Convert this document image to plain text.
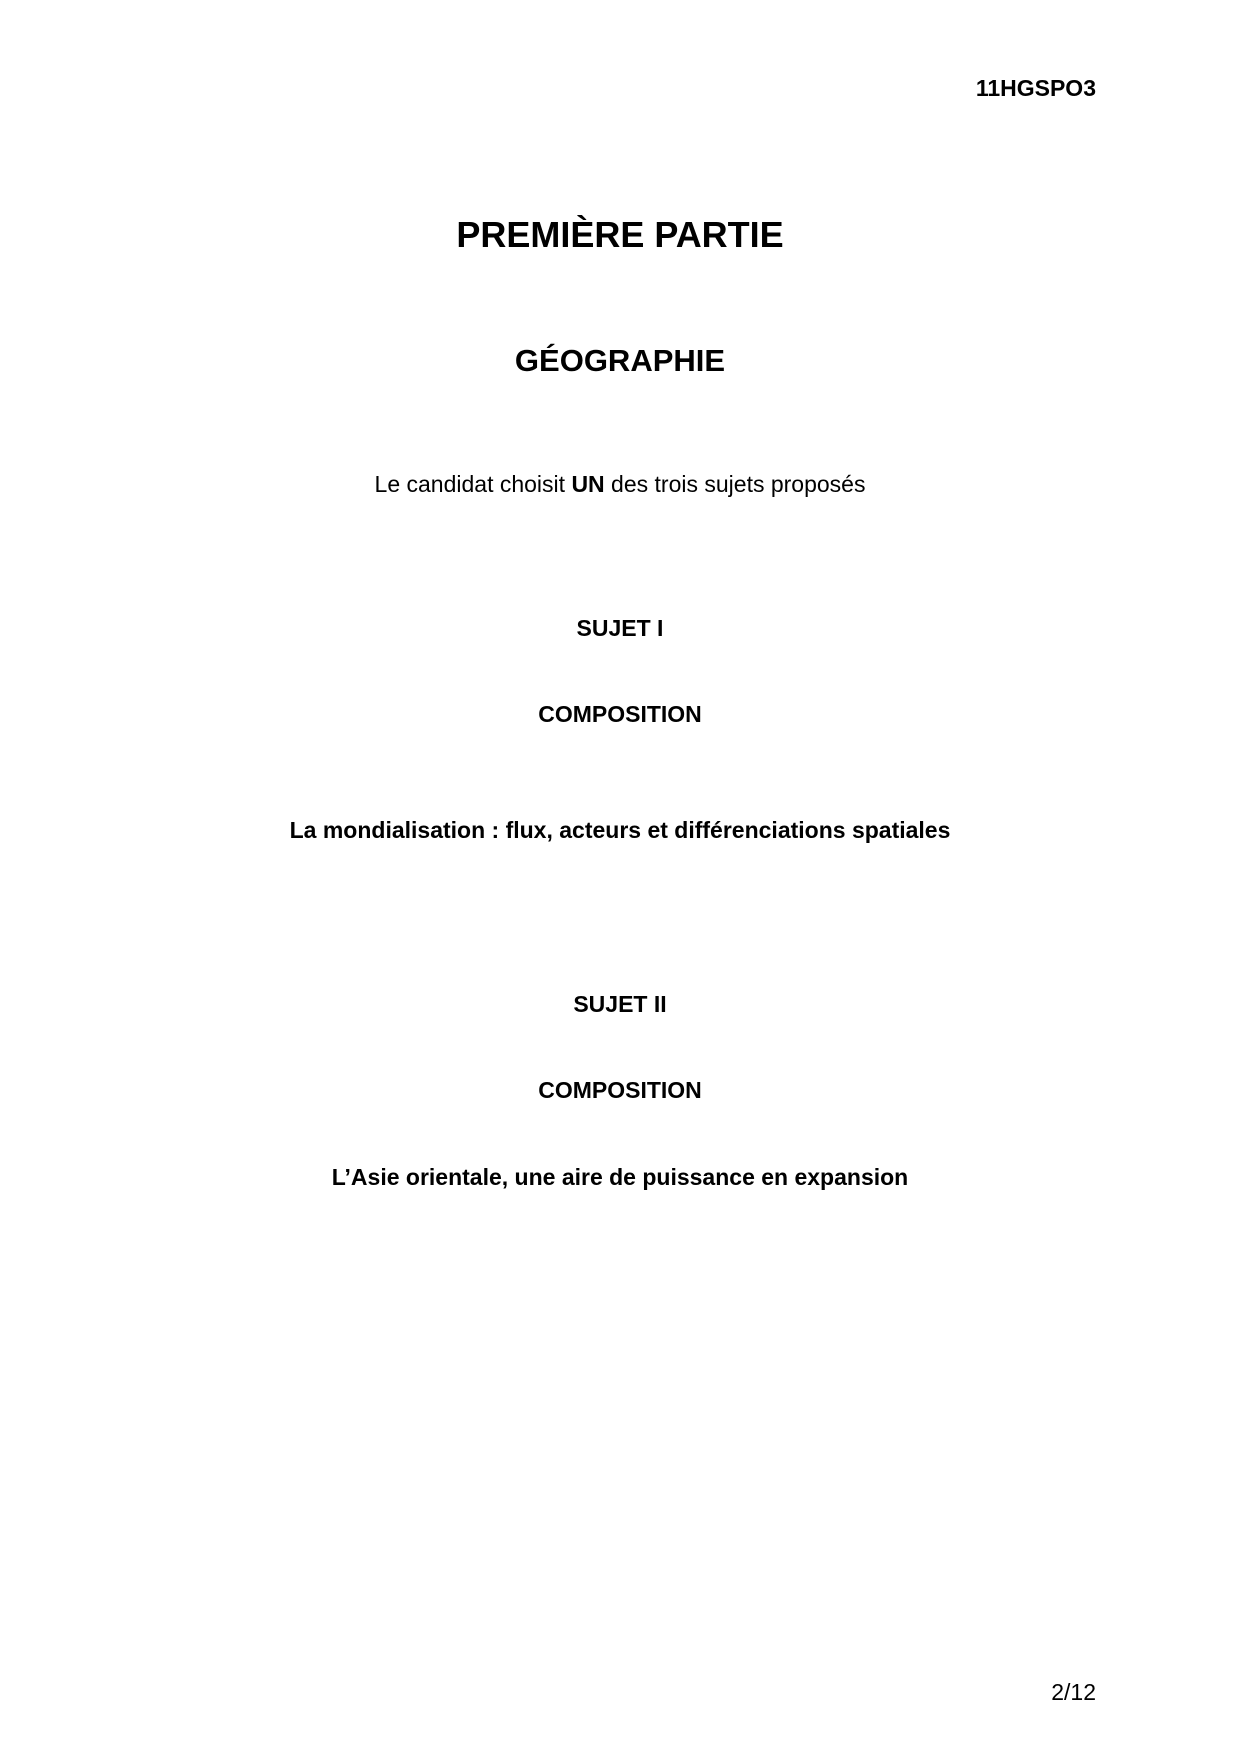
11HGSPO3
PREMIÈRE PARTIE
GÉOGRAPHIE
Le candidat choisit UN des trois sujets proposés
SUJET I
COMPOSITION
La mondialisation : flux, acteurs et différenciations spatiales
SUJET II
COMPOSITION
L’Asie orientale, une aire de puissance en expansion
2/12
